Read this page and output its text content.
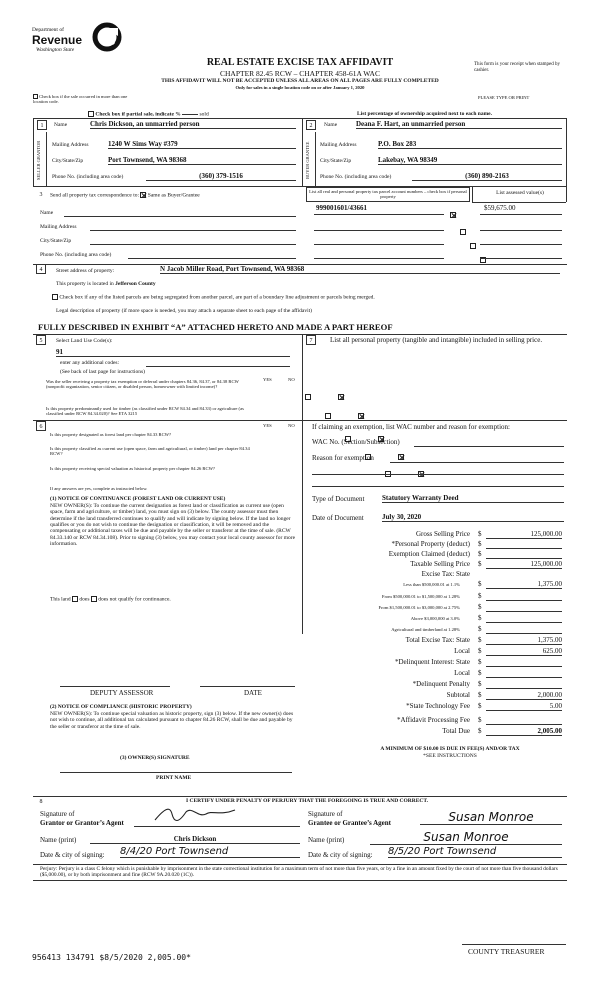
Department of
Revenue
Washington State
REAL ESTATE EXCISE TAX AFFIDAVIT
CHAPTER 82.45 RCW – CHAPTER 458-61A WAC
THIS AFFIDAVIT WILL NOT BE ACCEPTED UNLESS ALL AREAS ON ALL PAGES ARE FULLY COMPLETED
Only for sales in a single location code on or after January 1, 2020
This form is your receipt when stamped by cashier.
PLEASE TYPE OR PRINT
Check box if the sale occurred in more than one location code.
Check box if partial sale, indicate %	sold	List percentage of ownership acquired next to each name.
1
SELLER GRANTOR
Name	Chris Dickson, an unmarried person
Mailing Address	1240 W Sims Way #379
City/State/Zip	Port Townsend, WA 98368
Phone No. (including area code)	(360) 379-1516
2
BUYER GRANTEE
Name	Deana F. Hart, an unmarried person
Mailing Address	P.O. Box 283
City/State/Zip	Lakebay, WA 98349
Phone No. (including area code)	(360) 890-2163
3	Send all property tax correspondence to: Same as Buyer/Grantee
Name
Mailing Address
City/State/Zip
Phone No. (including area code)
List all real and personal property tax parcel account numbers – check box if personal property
List assessed value(s)
999001601/43661
	$59,675.00

4	Street address of property:	N Jacob Miller Road, Port Townsend, WA 98368
This property is located in Jefferson County
Check box if any of the listed parcels are being segregated from another parcel, are part of a boundary line adjustment or parcels being merged.
Legal description of property (if more space is needed, you may attach a separate sheet to each page of the affidavit)
FULLY DESCRIBED IN EXHIBIT “A” ATTACHED HERETO AND MADE A PART HEREOF
5	Select Land Use Code(s):
91
enter any additional codes:
(See back of last page for instructions)
YES	NO
Was the seller receiving a property tax exemption or deferral under chapters 84.36, 84.37, or 84.38 RCW (nonprofit organization, senior citizen, or disabled person, homeowner with limited income)?

Is this property predominantly used for timber (as classified under RCW 84.34 and 84.33) or agriculture (as classified under RCW 84.34.020)? See ETA 3215

7	List all personal property (tangible and intangible) included in selling price.
6	YES	NO
Is this property designated as forest land per chapter 84.33 RCW?

Is this property classified as current use (open space, farm and agricultural, or timber) land per chapter 84.34 RCW?

Is this property receiving special valuation as historical property per chapter 84.26 RCW?

If any answers are yes, complete as instructed below.
(1) NOTICE OF CONTINUANCE (FOREST LAND OR CURRENT USE)
NEW OWNER(S): To continue the current designation as forest land or classification as current use (open space, farm and agriculture, or timber) land, you must sign on (3) below. The county assessor must then determine if the land transferred continues to qualify and will indicate by signing below. If the land no longer qualifies or you do not wish to continue the designation or classification, it will be removed and the compensating or additional taxes will be due and payable by the seller or transferor at the time of sale. (RCW 84.33.140 or RCW 84.34.108). Prior to signing (3) below, you may contact your local county assessor for more information.
This land does does not qualify for continuance.
DEPUTY ASSESSOR	DATE
(2) NOTICE OF COMPLIANCE (HISTORIC PROPERTY)
NEW OWNER(S): To continue special valuation as historic property, sign (3) below. If the new owner(s) does not wish to continue, all additional tax calculated pursuant to chapter 84.26 RCW, shall be due and payable by the seller or transferor at the time of sale.
(3) OWNER(S) SIGNATURE
PRINT NAME
If claiming an exemption, list WAC number and reason for exemption:
WAC No. (Section/Subsection)
Reason for exemption
Type of Document	Statutory Warranty Deed
Date of Document	July 30, 2020
Gross Selling Price $	125,000.00
*Personal Property (deduct) $
Exemption Claimed (deduct) $
Taxable Selling Price $	125,000.00
Excise Tax: State
Less than $500,000.01 at 1.1%	$	1,375.00
From $500,000.01 to $1,500,000 at 1.28%	$
From $1,500,000.01 to $3,000,000 at 2.75%	$
Above $3,000,000 at 3.0%	$
Agricultural and timberland at 1.28%	$
Total Excise Tax: State $	1,375.00
Local $	625.00
*Delinquent Interest: State $
Local $
*Delinquent Penalty $
Subtotal $	2,000.00
*State Technology Fee $	5.00
*Affidavit Processing Fee $
Total Due $	2,005.00
A MINIMUM OF $10.00 IS DUE IN FEE(S) AND/OR TAX
*SEE INSTRUCTIONS
8	I CERTIFY UNDER PENALTY OF PERJURY THAT THE FOREGOING IS TRUE AND CORRECT.
Signature of
Grantor or Grantor’s Agent
Name (print)	Chris Dickson
Date & city of signing: 8/4/20 Port Townsend
Signature of
Grantee or Grantee’s Agent	Susan Monroe
Name (print)	Susan Monroe
Date & city of signing: 8/5/20 Port Townsend
Perjury: Perjury is a class C felony which is punishable by imprisonment in the state correctional institution for a maximum term of not more than five years, or by a fine in an amount fixed by the court of not more than five thousand dollars ($5,000.00), or by both imprisonment and fine (RCW 9A.20.020 (1C)).
956413 134791 $8/5/2020 2,005.00*
COUNTY TREASURER
